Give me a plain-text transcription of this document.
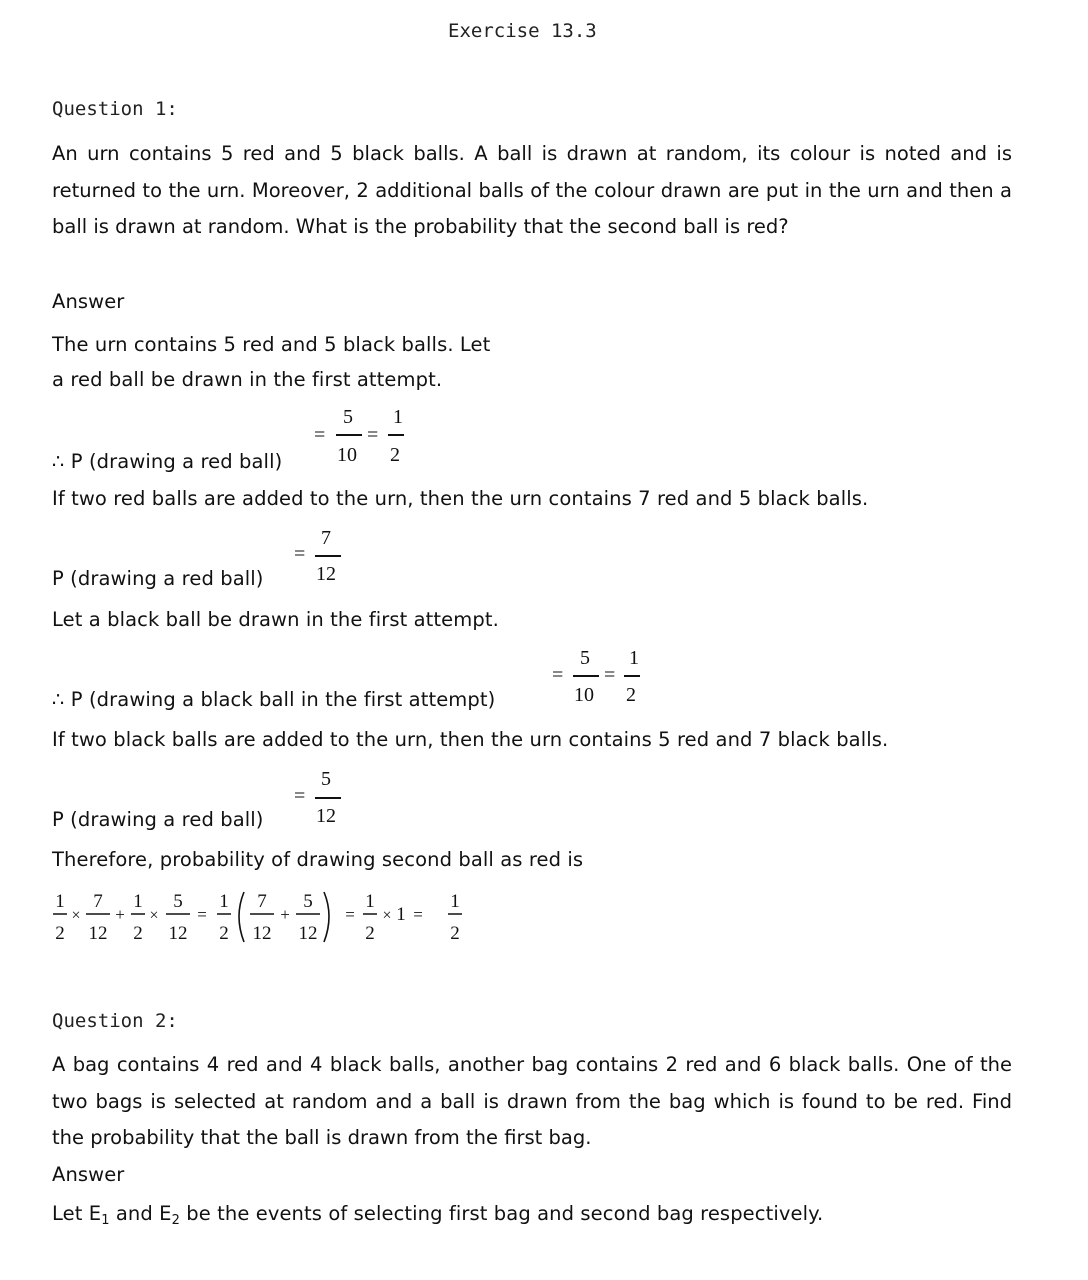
Exercise 13.3
Question 1:
An urn contains 5 red and 5 black balls. A ball is drawn at random, its colour is noted and is returned to the urn. Moreover, 2 additional balls of the colour drawn are put in the urn and then a ball is drawn at random. What is the probability that the second ball is red?
Answer
The urn contains 5 red and 5 black balls. Let
a red ball be drawn in the first attempt.
∴ P (drawing a red ball)
=
5
10
=
1
2
If two red balls are added to the urn, then the urn contains 7 red and 5 black balls.
P (drawing a red ball)
=
7
12
Let a black ball be drawn in the first attempt.
∴ P (drawing a black ball in the first attempt)
=
5
10
=
1
2
If two black balls are added to the urn, then the urn contains 5 red and 7 black balls.
P (drawing a red ball)
=
5
12
Therefore, probability of drawing second ball as red is
1
2
×
7
12
+
1
2
×
5
12
=
1
2
7
12
+
5
12
=
1
2
× 1 =
1
2
Question 2:
A bag contains 4 red and 4 black balls, another bag contains 2 red and 6 black balls. One of the two bags is selected at random and a ball is drawn from the bag which is found to be red. Find the probability that the ball is drawn from the first bag.
Answer
Let $E_1$ and $E_2$ be the events of selecting first bag and second bag respectively.
